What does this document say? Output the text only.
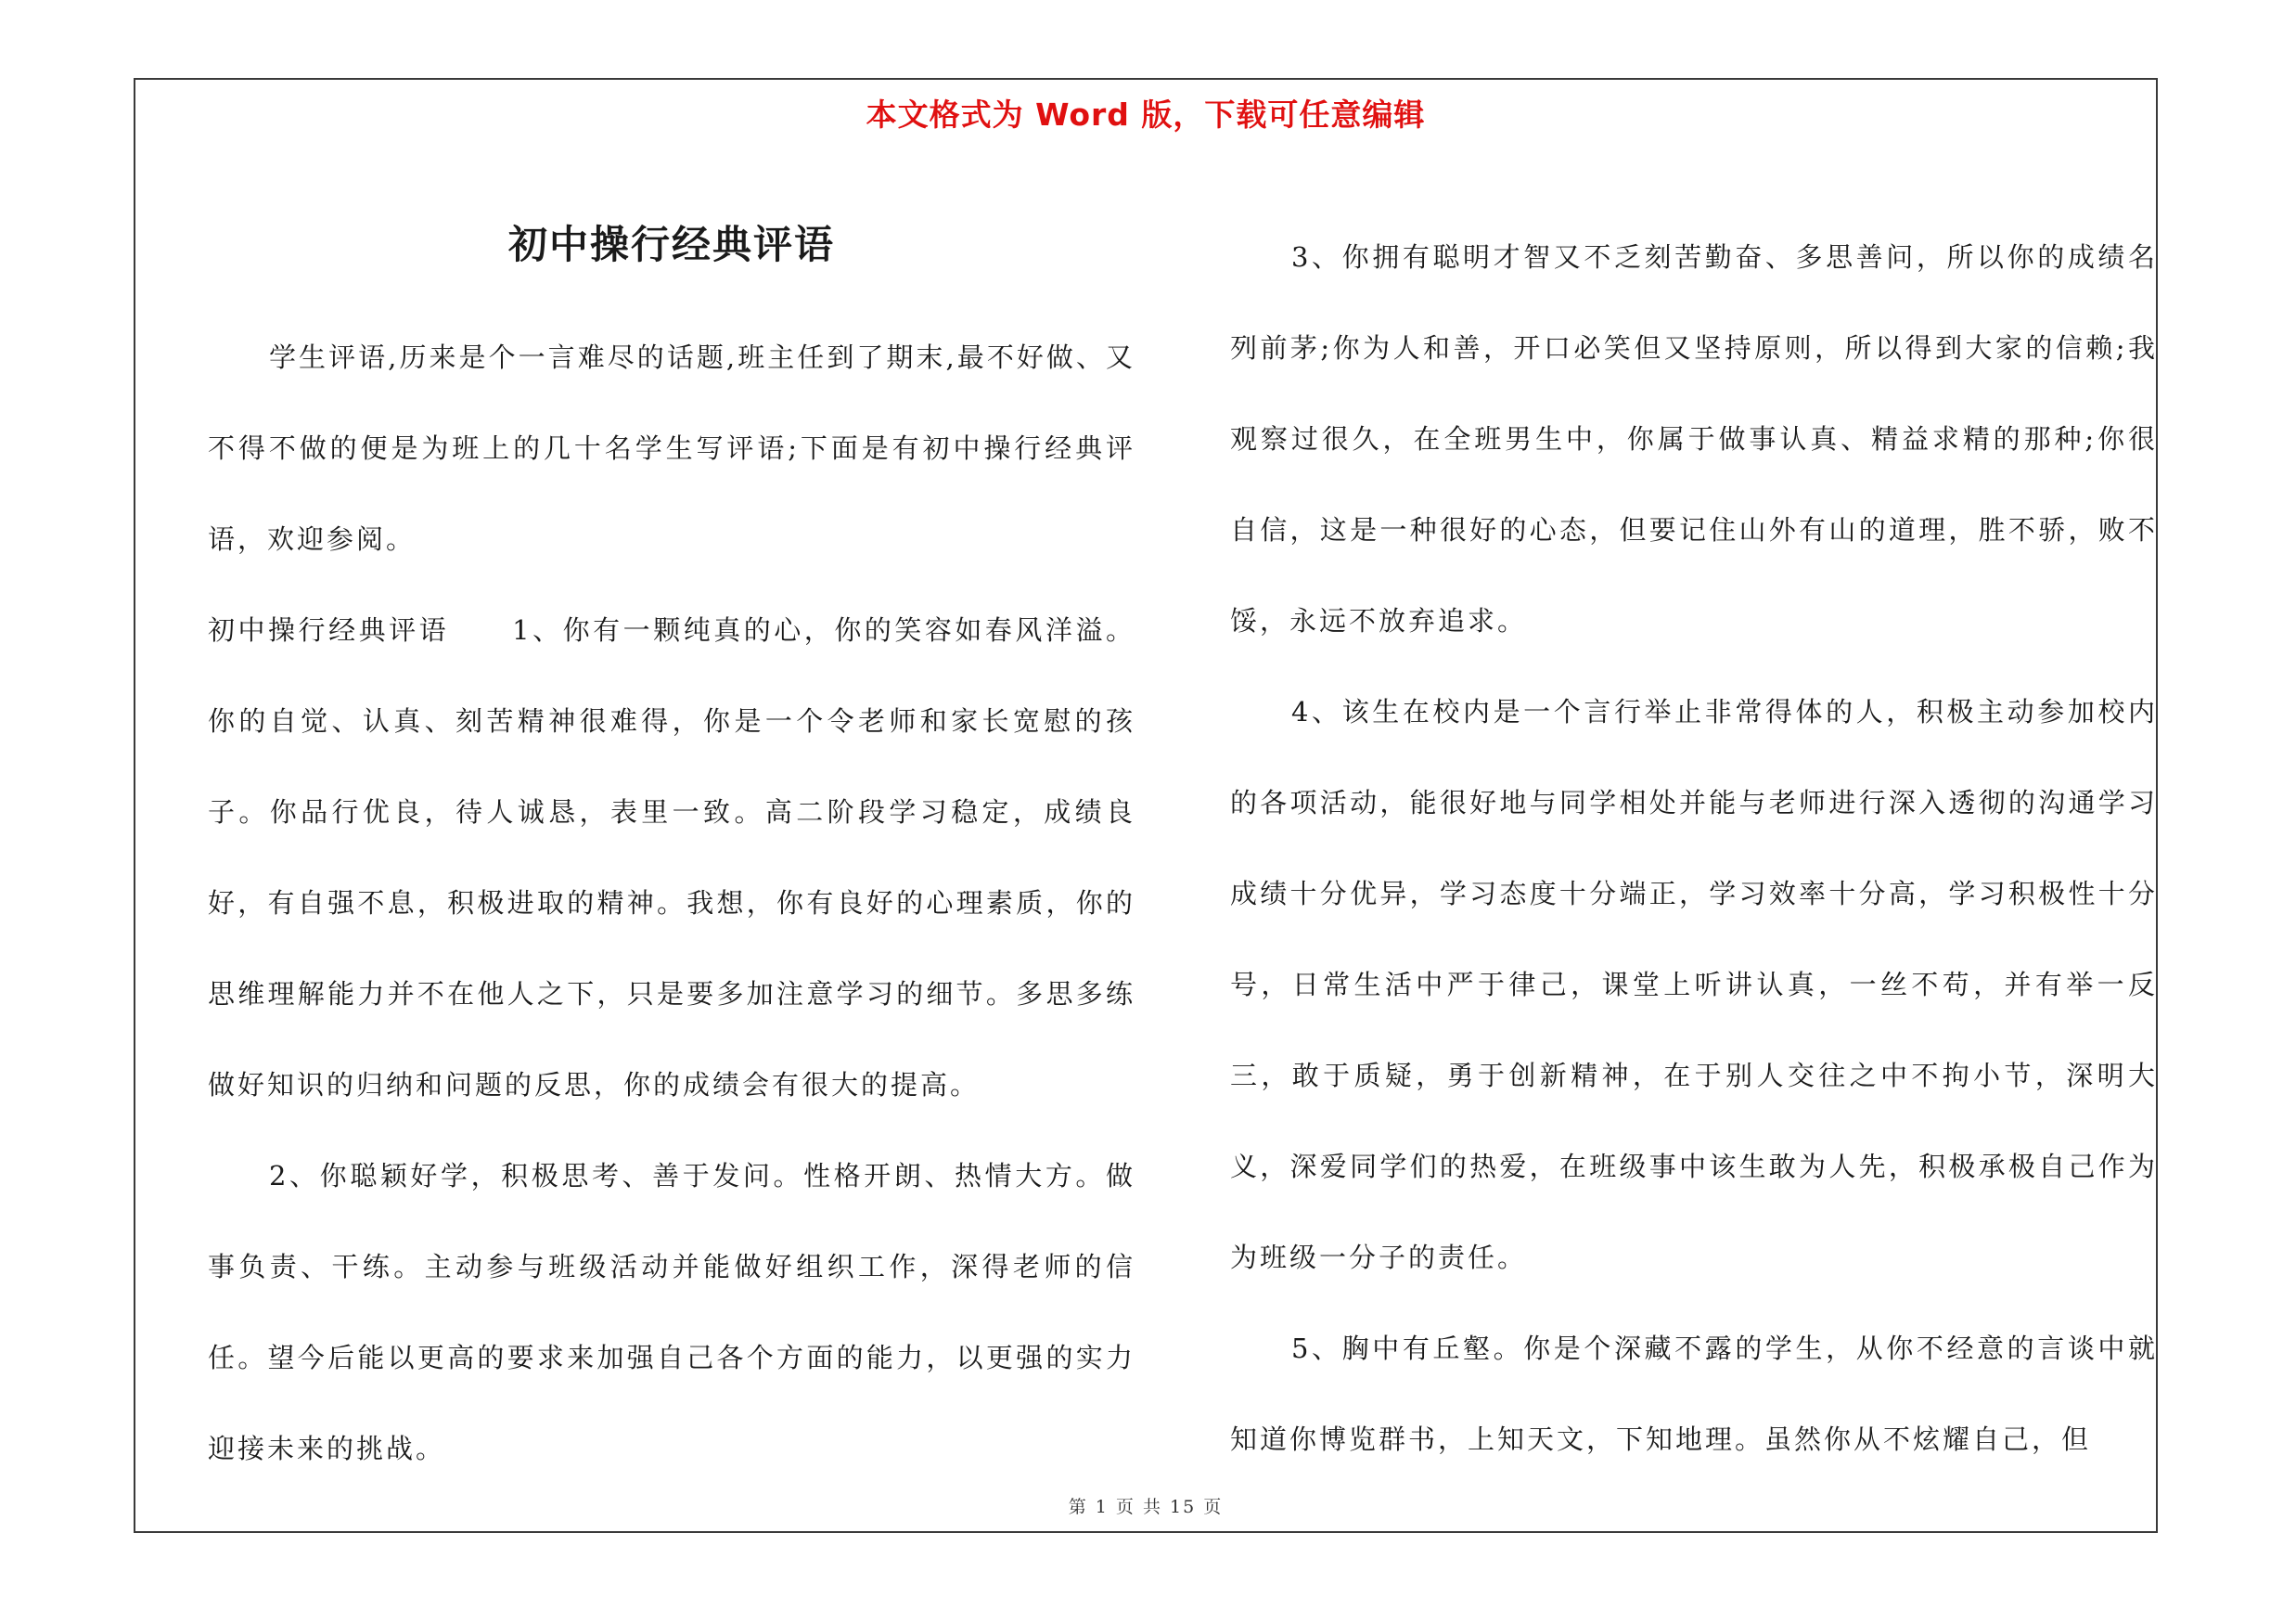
本文格式为 Word 版，下载可任意编辑
初中操行经典评语

学生评语,历来是个一言难尽的话题,班主任到了期末,最不好做、又不得不做的便是为班上的几十名学生写评语;下面是有初中操行经典评语，欢迎参阅。

初中操行经典评语 1、你有一颗纯真的心，你的笑容如春风洋溢。你的自觉、认真、刻苦精神很难得，你是一个令老师和家长宽慰的孩子。你品行优良，待人诚恳，表里一致。高二阶段学习稳定，成绩良好，有自强不息，积极进取的精神。我想，你有良好的心理素质，你的思维理解能力并不在他人之下，只是要多加注意学习的细节。多思多练做好知识的归纳和问题的反思，你的成绩会有很大的提高。

2、你聪颖好学，积极思考、善于发问。性格开朗、热情大方。做事负责、干练。主动参与班级活动并能做好组织工作，深得老师的信任。望今后能以更高的要求来加强自己各个方面的能力，以更强的实力迎接未来的挑战。

3、你拥有聪明才智又不乏刻苦勤奋、多思善问，所以你的成绩名列前茅;你为人和善，开口必笑但又坚持原则，所以得到大家的信赖;我观察过很久，在全班男生中，你属于做事认真、精益求精的那种;你很自信，这是一种很好的心态，但要记住山外有山的道理，胜不骄，败不馁，永远不放弃追求。

4、该生在校内是一个言行举止非常得体的人，积极主动参加校内的各项活动，能很好地与同学相处并能与老师进行深入透彻的沟通学习成绩十分优异，学习态度十分端正，学习效率十分高，学习积极性十分号，日常生活中严于律己，课堂上听讲认真，一丝不苟，并有举一反三，敢于质疑，勇于创新精神，在于别人交往之中不拘小节，深明大义，深爱同学们的热爱，在班级事中该生敢为人先，积极承极自己作为为班级一分子的责任。

5、胸中有丘壑。你是个深藏不露的学生，从你不经意的言谈中就知道你博览群书，上知天文，下知地理。虽然你从不炫耀自己，但

第 1 页 共 15 页
